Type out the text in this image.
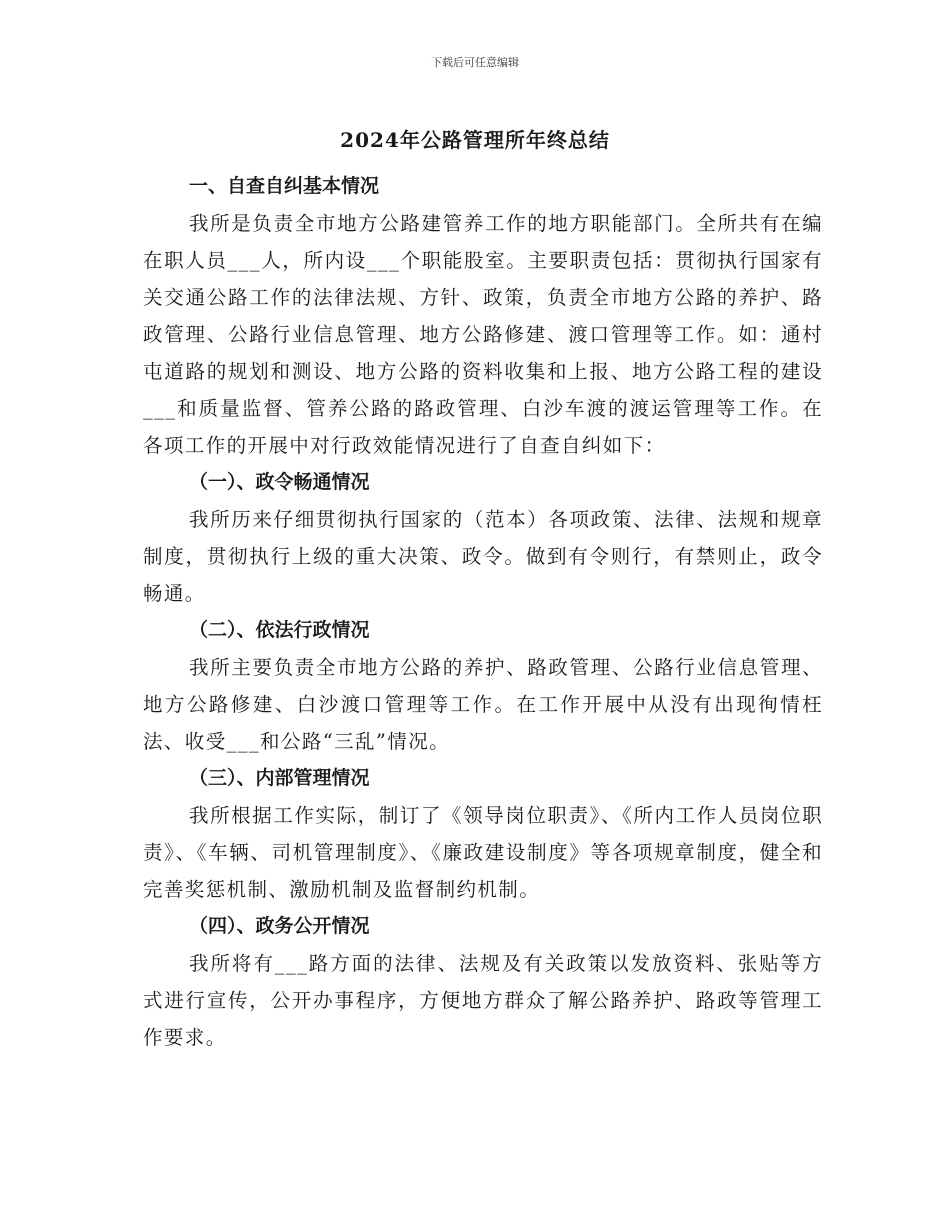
下载后可任意编辑
2024年公路管理所年终总结
一、自查自纠基本情况

我所是负责全市地方公路建管养工作的地方职能部门。全所共有在编在职人员___人，所内设___个职能股室。主要职责包括：贯彻执行国家有关交通公路工作的法律法规、方针、政策，负责全市地方公路的养护、路政管理、公路行业信息管理、地方公路修建、渡口管理等工作。如：通村屯道路的规划和测设、地方公路的资料收集和上报、地方公路工程的建设___和质量监督、管养公路的路政管理、白沙车渡的渡运管理等工作。在各项工作的开展中对行政效能情况进行了自查自纠如下：

（一）、政令畅通情况

我所历来仔细贯彻执行国家的（范本）各项政策、法律、法规和规章制度，贯彻执行上级的重大决策、政令。做到有令则行，有禁则止，政令畅通。

（二）、依法行政情况

我所主要负责全市地方公路的养护、路政管理、公路行业信息管理、地方公路修建、白沙渡口管理等工作。在工作开展中从没有出现徇情枉法、收受___和公路“三乱”情况。

（三）、内部管理情况

我所根据工作实际，制订了《领导岗位职责》、《所内工作人员岗位职责》、《车辆、司机管理制度》、《廉政建设制度》等各项规章制度，健全和完善奖惩机制、激励机制及监督制约机制。

（四）、政务公开情况

我所将有___路方面的法律、法规及有关政策以发放资料、张贴等方式进行宣传，公开办事程序，方便地方群众了解公路养护、路政等管理工作要求。
